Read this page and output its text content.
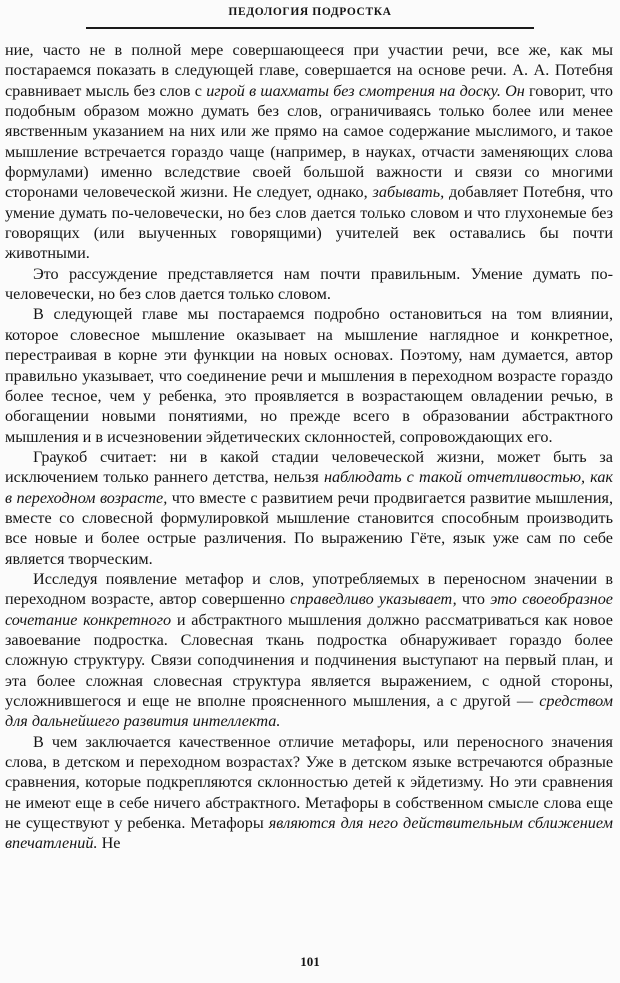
ПЕДОЛОГИЯ ПОДРОСТКА

ние, часто не в полной мере совершающееся при участии речи, все же, как мы постараемся показать в следующей главе, совершается на основе речи. А. А. Потебня сравнивает мысль без слов с игрой в шахматы без смотрения на доску. Он говорит, что подобным образом можно думать без слов, ограничиваясь только более или менее явственным указанием на них или же прямо на самое содержание мыслимого, и такое мышление встречается гораздо чаще (например, в науках, отчасти заменяющих слова формулами) именно вследствие своей большой важности и связи со многими сторонами человеческой жизни. Не следует, однако, забывать, добавляет Потебня, что умение думать по-человечески, но без слов дается только словом и что глухонемые без говорящих (или выученных говорящими) учителей век оставались бы почти животными.

Это рассуждение представляется нам почти правильным. Умение думать по-человечески, но без слов дается только словом.

В следующей главе мы постараемся подробно остановиться на том влиянии, которое словесное мышление оказывает на мышление наглядное и конкретное, перестраивая в корне эти функции на новых основах. Поэтому, нам думается, автор правильно указывает, что соединение речи и мышления в переходном возрасте гораздо более тесное, чем у ребенка, это проявляется в возрастающем овладении речью, в обогащении новыми понятиями, но прежде всего в образовании абстрактного мышления и в исчезновении эйдетических склонностей, сопровождающих его.

Граукоб считает: ни в какой стадии человеческой жизни, может быть за исключением только раннего детства, нельзя наблюдать с такой отчетливостью, как в переходном возрасте, что вместе с развитием речи продвигается развитие мышления, вместе со словесной формулировкой мышление становится способным производить все новые и более острые различения. По выражению Гёте, язык уже сам по себе является творческим.

Исследуя появление метафор и слов, употребляемых в переносном значении в переходном возрасте, автор совершенно справедливо указывает, что это своеобразное сочетание конкретного и абстрактного мышления должно рассматриваться как новое завоевание подростка. Словесная ткань подростка обнаруживает гораздо более сложную структуру. Связи соподчинения и подчинения выступают на первый план, и эта более сложная словесная структура является выражением, с одной стороны, усложнившегося и еще не вполне проясненного мышления, а с другой — средством для дальнейшего развития интеллекта.

В чем заключается качественное отличие метафоры, или переносного значения слова, в детском и переходном возрастах? Уже в детском языке встречаются образные сравнения, которые подкрепляются склонностью детей к эйдетизму. Но эти сравнения не имеют еще в себе ничего абстрактного. Метафоры в собственном смысле слова еще не существуют у ребенка. Метафоры являются для него действительным сближением впечатлений. Не

101
